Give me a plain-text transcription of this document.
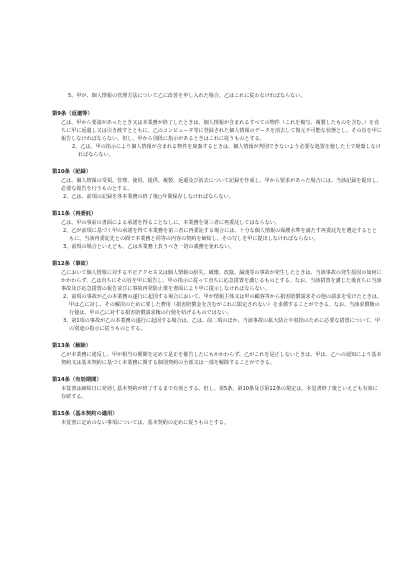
5、甲が、個人情報の管理方法について乙に改善を申し入れた場合、乙はこれに従わなければならない。

第9条（返還等）

乙は、甲から要請があったとき又は本業務が終了したときは、個人情報が含まれるすべての物件（これを複写、複製したものを含む。）を直ちに甲に返還し又は引き渡すとともに、乙のコンピュータ等に登録された個人情報のデータを消去して復元不可能な状態とし、その旨を甲に報告しなければならない。但し、甲から別段に指示があるときはこれに従うものとする。

2、乙は、甲の指示により個人情報が含まれる物件を廃棄するときは、個人情報が判別できないよう必要な処置を施した上で廃棄しなければならない。

第10条（記録）

乙は、個人情報の受領、管理、使用、提供、複製、返還及び消去について記録を作成し、甲から要求があった場合には、当該記録を提出し、必要な報告を行うものとする。

2、乙は、前項の記録を各本業務の終了後○年間保存しなければならない。

第11条（再委託）

乙は、甲の事前の書面による承諾を得ることなしに、本業務を第三者に再委託してはならない。

2、乙が前項に基づく甲の承諾を得て本業務を第三者に再委託する場合には、十分な個人情報の保護水準を満たす再委託先を選定するとともに、当該再委託先との間で本業務と同等の内容の契約を締結し、その写しを甲に提出しなければならない。

3、前項の場合といえども、乙は本業務上負うべき一切の義務を免れない。

第12条（事故）

乙において個人情報に対する不正アクセス又は個人情報の紛失、破壊、改竄、漏洩等の事故が発生したときは、当該事故の発生原因の如何にかかわらず、乙は直ちにその旨を甲に報告し、甲の指示に従って直ちに応急措置を講じるものとする。なお、当該措置を講じた後直ちに当該事故及び応急措置の報告並びに事故再発防止策を書面により甲に提示しなければならない。

2、前項の事故が乙の本業務の遂行に起因する場合において、甲が情報主体又は甲の顧客等から損害賠償請求その他の請求を受けたときは、甲は乙に対し、その解決のために要した費用（損害賠償金を含むがこれに限定されない）を求償することができる。なお、当該求償権の行使は、甲の乙に対する損害賠償請求権の行使を妨げるものではない。

3、第1項の事故が乙の本業務の遂行に起因する場合は、乙は、前二項のほか、当該事故の拡大防止や収拾のために必要な措置について、甲の別途の指示に従うものとする。

第13条（解除）

乙が本業務に違反し、甲が相当の期間を定めて是正を催告したにもかかわらず、乙がこれを是正しないときは、甲は、乙への通知により基本契約又は基本契約に基づく本業務に関する個別契約の全部又は一部を解除することができる。

第14条（有効期間）

本覚書は締結日に発効し基本契約が終了するまで有効とする。但し、第5条、第10条及び第12条の規定は、本覚書終了後といえども有効に存続する。

第15条（基本契約の適用）

本覚書に定めのない事項については、基本契約の定めに従うものとする。
